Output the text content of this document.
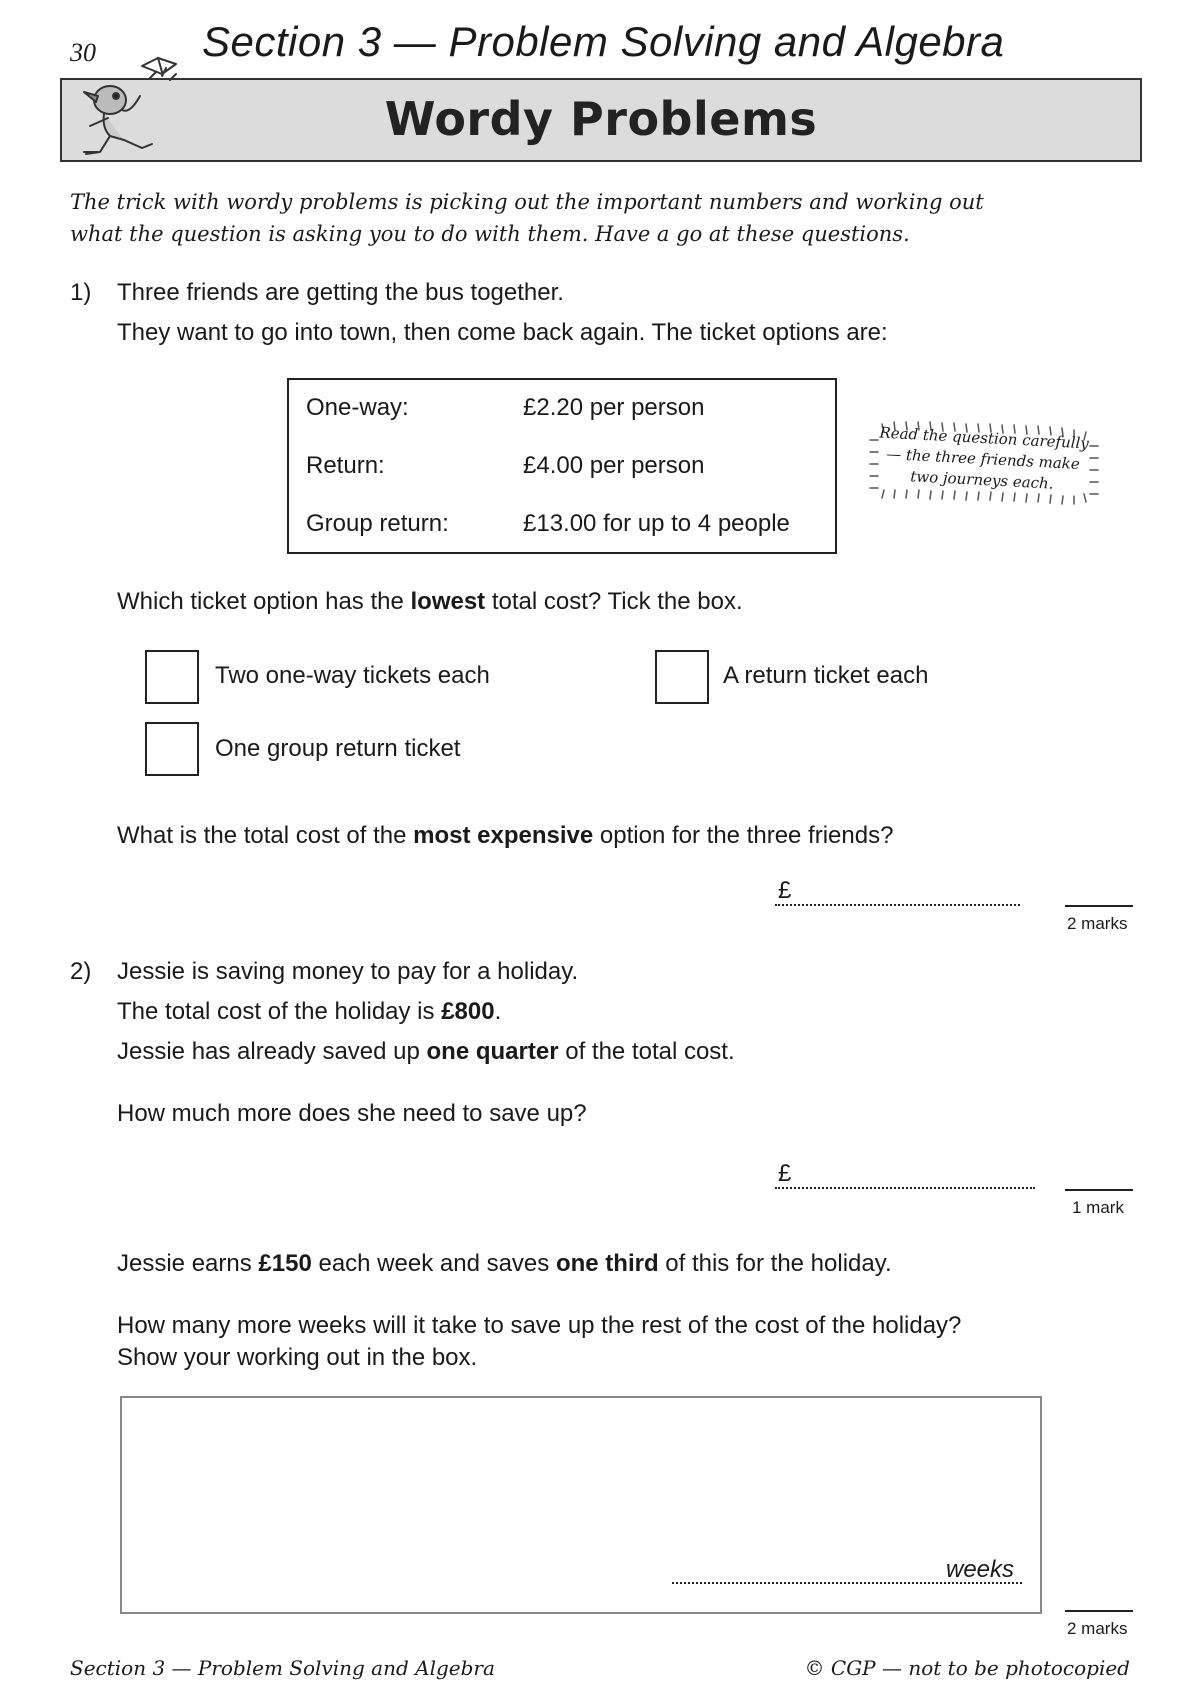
30	Section 3 — Problem Solving and Algebra
Wordy Problems
The trick with wordy problems is picking out the important numbers and working out
what the question is asking you to do with them. Have a go at these questions.
1) Three friends are getting the bus together.
They want to go into town, then come back again. The ticket options are:
One-way:	£2.20 per person
Return:	£4.00 per person
Group return:	£13.00 for up to 4 people
Read the question carefully
— the three friends make
two journeys each.
Which ticket option has the lowest total cost? Tick the box.
Two one-way tickets each	A return ticket each
One group return ticket
What is the total cost of the most expensive option for the three friends?
£
2 marks
2) Jessie is saving money to pay for a holiday.
The total cost of the holiday is £800.
Jessie has already saved up one quarter of the total cost.
How much more does she need to save up?
£
1 mark
Jessie earns £150 each week and saves one third of this for the holiday.
How many more weeks will it take to save up the rest of the cost of the holiday?
Show your working out in the box.
weeks
2 marks
Section 3 — Problem Solving and Algebra	© CGP — not to be photocopied
